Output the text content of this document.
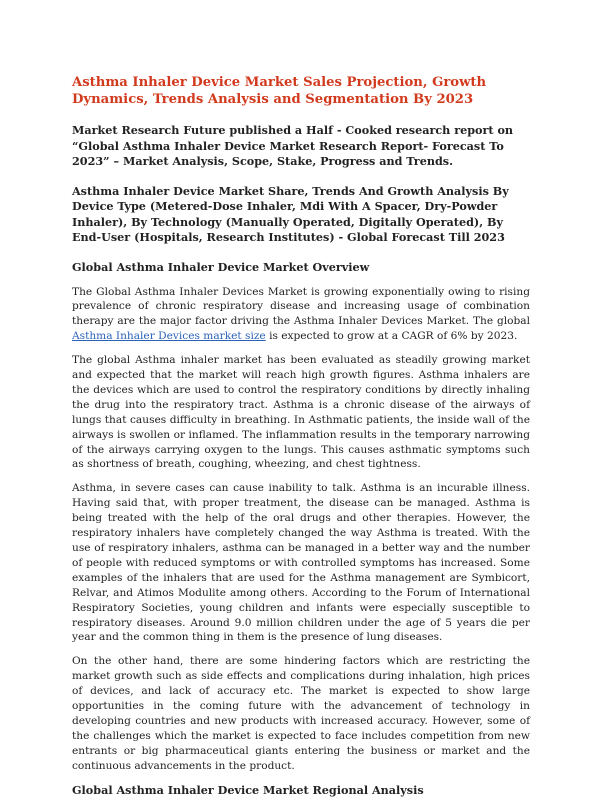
Asthma Inhaler Device Market Sales Projection, Growth Dynamics, Trends Analysis and Segmentation By 2023

Market Research Future published a Half - Cooked research report on “Global Asthma Inhaler Device Market Research Report- Forecast To 2023” – Market Analysis, Scope, Stake, Progress and Trends.

Asthma Inhaler Device Market Share, Trends And Growth Analysis By Device Type (Metered-Dose Inhaler, Mdi With A Spacer, Dry-Powder Inhaler), By Technology (Manually Operated, Digitally Operated), By End-User (Hospitals, Research Institutes) - Global Forecast Till 2023

Global Asthma Inhaler Device Market Overview

The Global Asthma Inhaler Devices Market is growing exponentially owing to rising prevalence of chronic respiratory disease and increasing usage of combination therapy are the major factor driving the Asthma Inhaler Devices Market. The global Asthma Inhaler Devices market size is expected to grow at a CAGR of 6% by 2023.

The global Asthma inhaler market has been evaluated as steadily growing market and expected that the market will reach high growth figures. Asthma inhalers are the devices which are used to control the respiratory conditions by directly inhaling the drug into the respiratory tract. Asthma is a chronic disease of the airways of lungs that causes difficulty in breathing. In Asthmatic patients, the inside wall of the airways is swollen or inflamed. The inflammation results in the temporary narrowing of the airways carrying oxygen to the lungs. This causes asthmatic symptoms such as shortness of breath, coughing, wheezing, and chest tightness.

Asthma, in severe cases can cause inability to talk. Asthma is an incurable illness. Having said that, with proper treatment, the disease can be managed. Asthma is being treated with the help of the oral drugs and other therapies. However, the respiratory inhalers have completely changed the way Asthma is treated. With the use of respiratory inhalers, asthma can be managed in a better way and the number of people with reduced symptoms or with controlled symptoms has increased. Some examples of the inhalers that are used for the Asthma management are Symbicort, Relvar, and Atimos Modulite among others. According to the Forum of International Respiratory Societies, young children and infants were especially susceptible to respiratory diseases. Around 9.0 million children under the age of 5 years die per year and the common thing in them is the presence of lung diseases.

On the other hand, there are some hindering factors which are restricting the market growth such as side effects and complications during inhalation, high prices of devices, and lack of accuracy etc. The market is expected to show large opportunities in the coming future with the advancement of technology in developing countries and new products with increased accuracy. However, some of the challenges which the market is expected to face includes competition from new entrants or big pharmaceutical giants entering the business or market and the continuous advancements in the product.

Global Asthma Inhaler Device Market Regional Analysis
